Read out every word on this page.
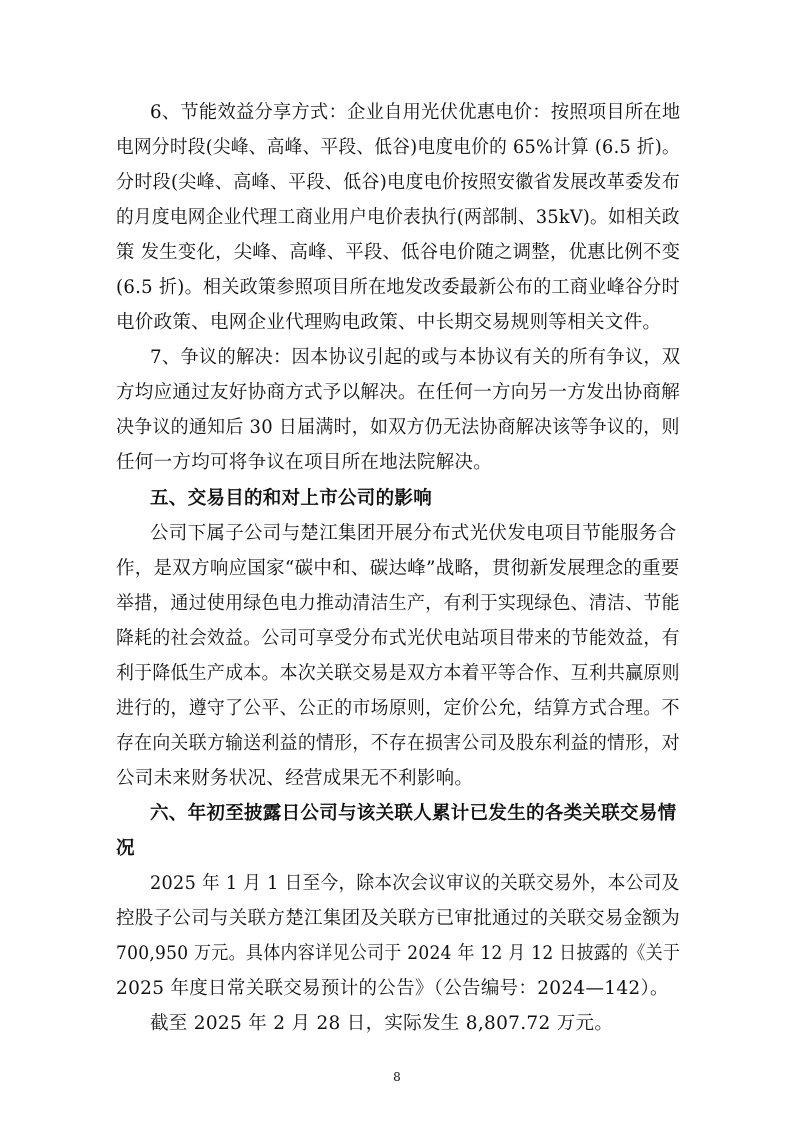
6、节能效益分享方式：企业自用光伏优惠电价：按照项目所在地
电网分时段(尖峰、高峰、平段、低谷)电度电价的 65%计算 (6.5 折)。
分时段(尖峰、高峰、平段、低谷)电度电价按照安徽省发展改革委发布
的月度电网企业代理工商业用户电价表执行(两部制、35kV)。如相关政
策 发生变化，尖峰、高峰、平段、低谷电价随之调整，优惠比例不变
(6.5 折)。相关政策参照项目所在地发改委最新公布的工商业峰谷分时
电价政策、电网企业代理购电政策、中长期交易规则等相关文件。
7、争议的解决：因本协议引起的或与本协议有关的所有争议，双
方均应通过友好协商方式予以解决。在任何一方向另一方发出协商解
决争议的通知后 30 日届满时，如双方仍无法协商解决该等争议的，则
任何一方均可将争议在项目所在地法院解决。
五、交易目的和对上市公司的影响
公司下属子公司与楚江集团开展分布式光伏发电项目节能服务合
作，是双方响应国家“碳中和、碳达峰”战略，贯彻新发展理念的重要
举措，通过使用绿色电力推动清洁生产，有利于实现绿色、清洁、节能
降耗的社会效益。公司可享受分布式光伏电站项目带来的节能效益，有
利于降低生产成本。本次关联交易是双方本着平等合作、互利共赢原则
进行的，遵守了公平、公正的市场原则，定价公允，结算方式合理。不
存在向关联方输送利益的情形，不存在损害公司及股东利益的情形，对
公司未来财务状况、经营成果无不利影响。
六、年初至披露日公司与该关联人累计已发生的各类关联交易情
况
2025 年 1 月 1 日至今，除本次会议审议的关联交易外，本公司及
控股子公司与关联方楚江集团及关联方已审批通过的关联交易金额为
700,950 万元。具体内容详见公司于 2024 年 12 月 12 日披露的《关于
2025 年度日常关联交易预计的公告》（公告编号：2024—142）。
截至 2025 年 2 月 28 日，实际发生 8,807.72 万元。
8
